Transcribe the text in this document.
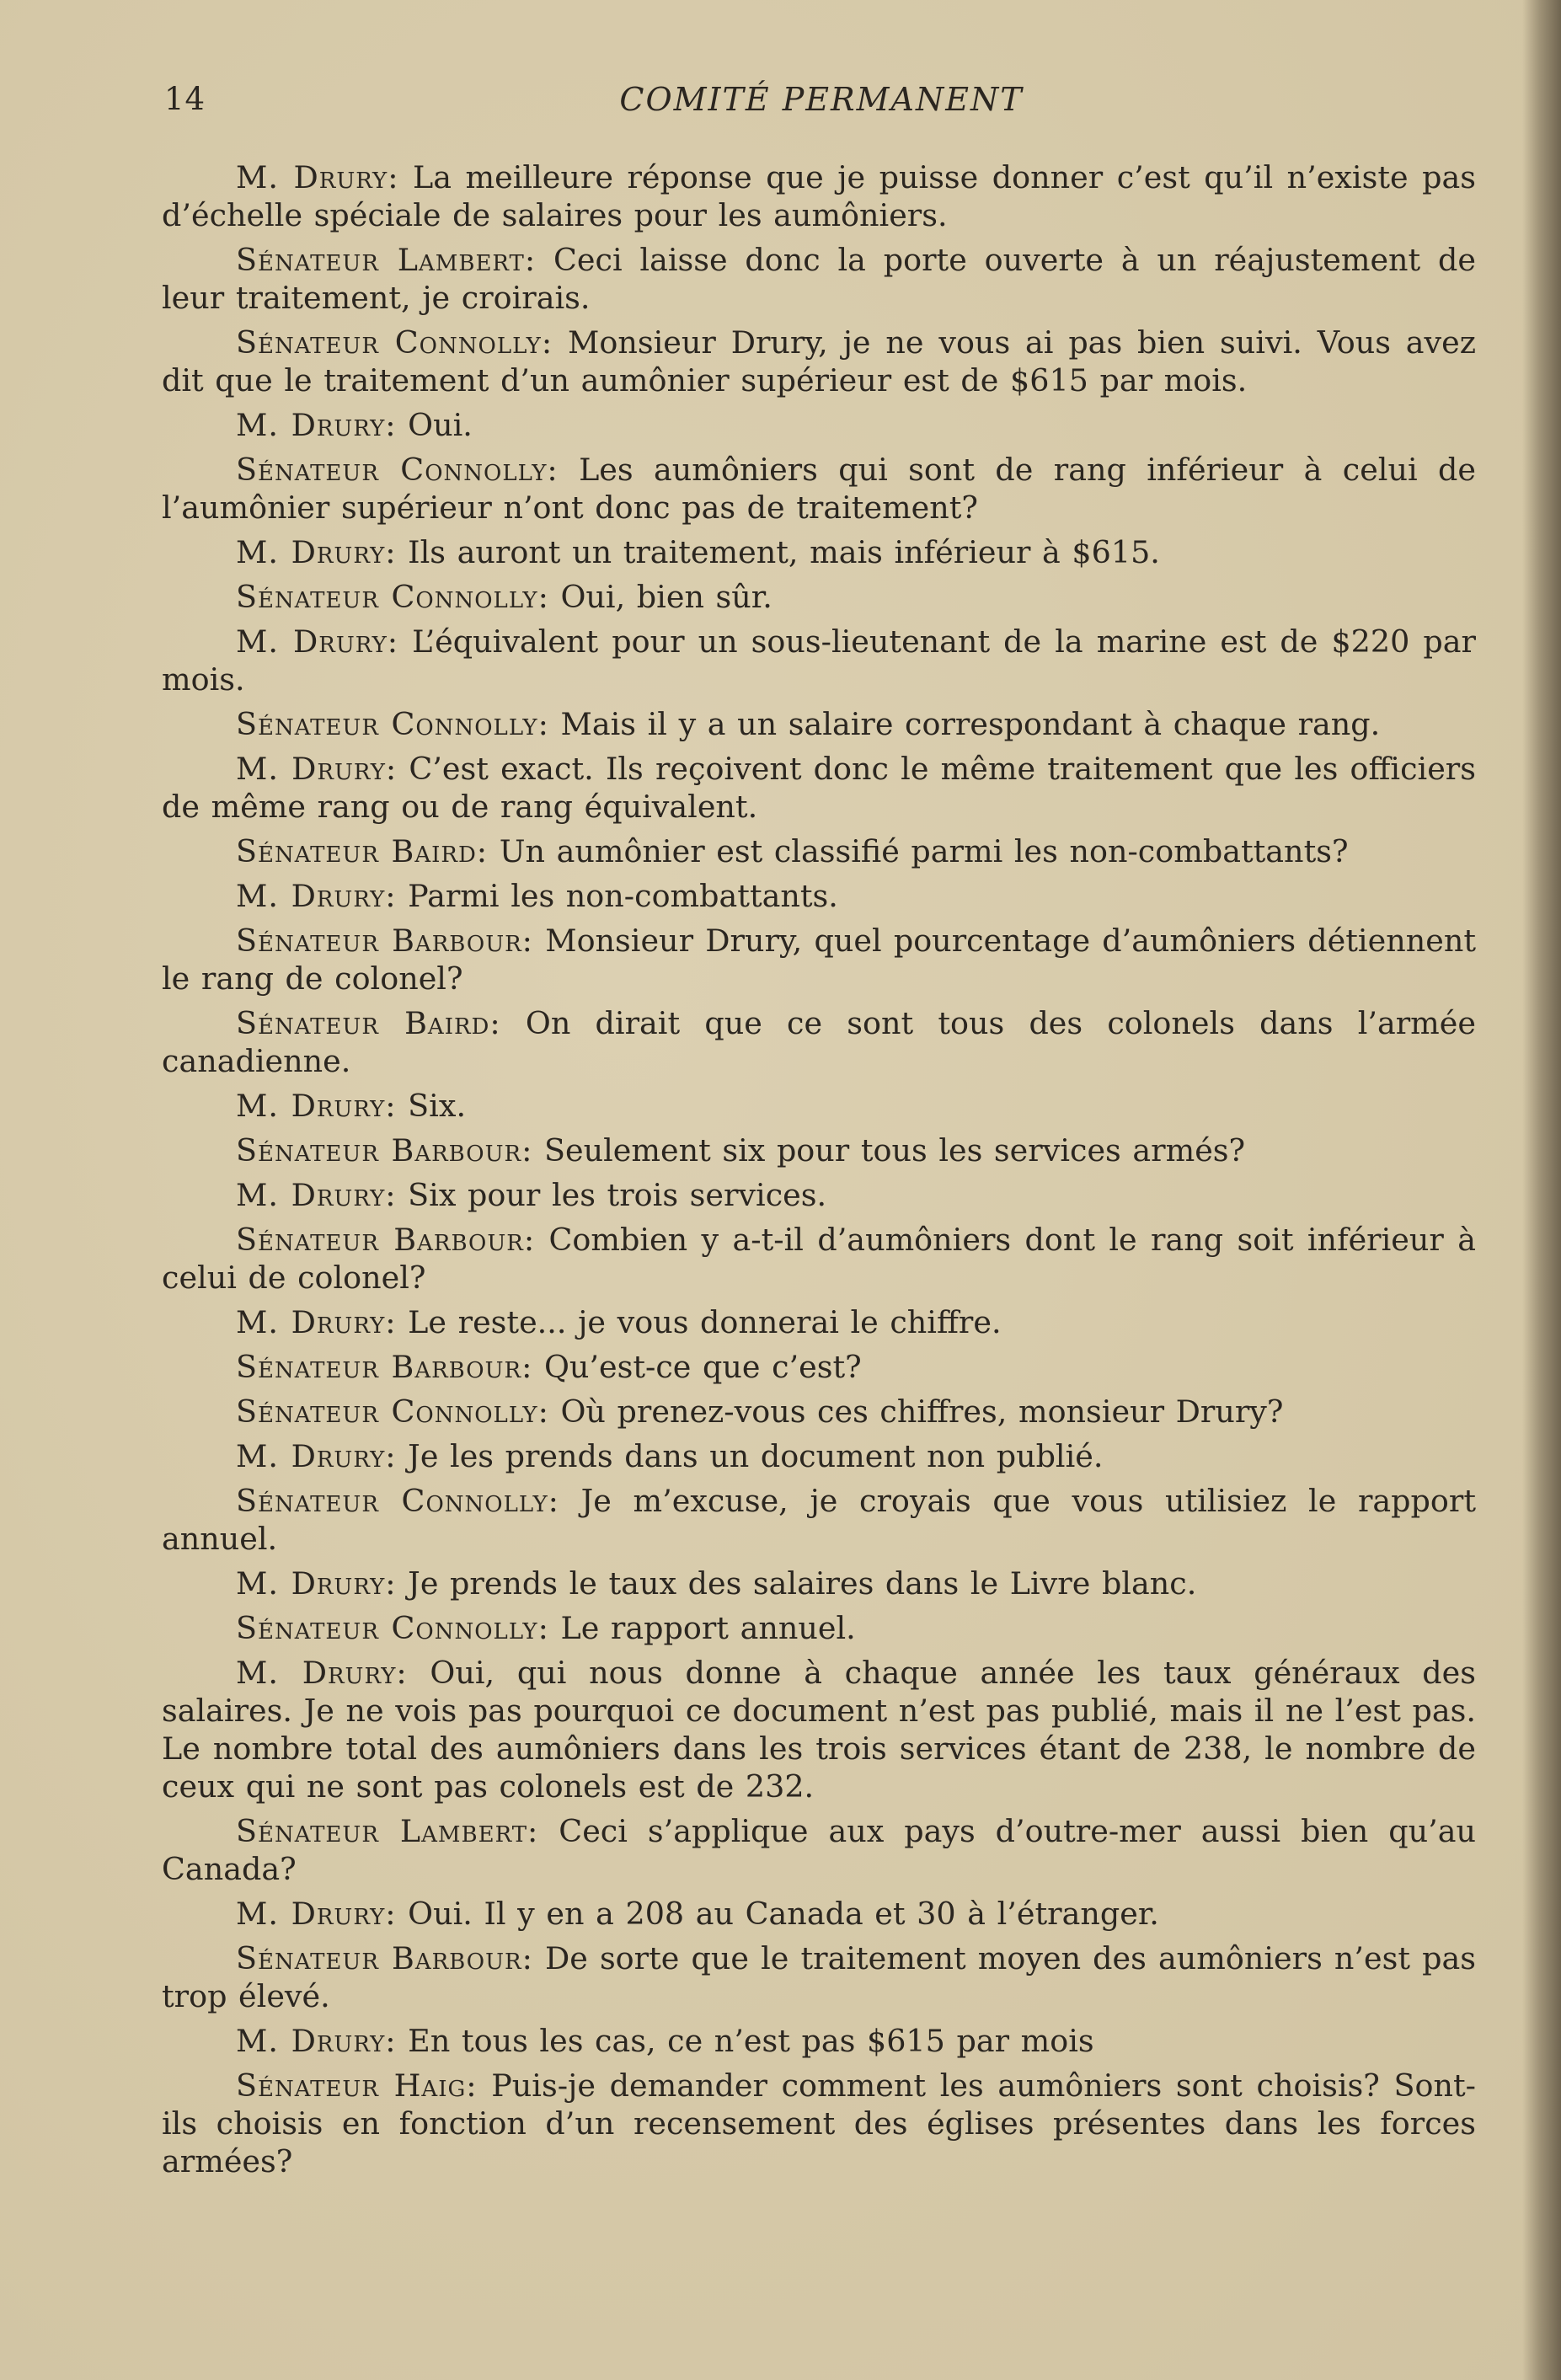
14	COMITÉ PERMANENT

M. Drury: La meilleure réponse que je puisse donner c’est qu’il n’existe pas d’échelle spéciale de salaires pour les aumôniers.

Sénateur Lambert: Ceci laisse donc la porte ouverte à un réajustement de leur traitement, je croirais.

Sénateur Connolly: Monsieur Drury, je ne vous ai pas bien suivi. Vous avez dit que le traitement d’un aumônier supérieur est de $615 par mois.

M. Drury: Oui.

Sénateur Connolly: Les aumôniers qui sont de rang inférieur à celui de l’aumônier supérieur n’ont donc pas de traitement?

M. Drury: Ils auront un traitement, mais inférieur à $615.

Sénateur Connolly: Oui, bien sûr.

M. Drury: L’équivalent pour un sous-lieutenant de la marine est de $220 par mois.

Sénateur Connolly: Mais il y a un salaire correspondant à chaque rang.

M. Drury: C’est exact. Ils reçoivent donc le même traitement que les officiers de même rang ou de rang équivalent.

Sénateur Baird: Un aumônier est classifié parmi les non-combattants?

M. Drury: Parmi les non-combattants.

Sénateur Barbour: Monsieur Drury, quel pourcentage d’aumôniers détiennent le rang de colonel?

Sénateur Baird: On dirait que ce sont tous des colonels dans l’armée canadienne.

M. Drury: Six.

Sénateur Barbour: Seulement six pour tous les services armés?

M. Drury: Six pour les trois services.

Sénateur Barbour: Combien y a-t-il d’aumôniers dont le rang soit inférieur à celui de colonel?

M. Drury: Le reste... je vous donnerai le chiffre.

Sénateur Barbour: Qu’est-ce que c’est?

Sénateur Connolly: Où prenez-vous ces chiffres, monsieur Drury?

M. Drury: Je les prends dans un document non publié.

Sénateur Connolly: Je m’excuse, je croyais que vous utilisiez le rapport annuel.

M. Drury: Je prends le taux des salaires dans le Livre blanc.

Sénateur Connolly: Le rapport annuel.

M. Drury: Oui, qui nous donne à chaque année les taux généraux des salaires. Je ne vois pas pourquoi ce document n’est pas publié, mais il ne l’est pas. Le nombre total des aumôniers dans les trois services étant de 238, le nombre de ceux qui ne sont pas colonels est de 232.

Sénateur Lambert: Ceci s’applique aux pays d’outre-mer aussi bien qu’au Canada?

M. Drury: Oui. Il y en a 208 au Canada et 30 à l’étranger.

Sénateur Barbour: De sorte que le traitement moyen des aumôniers n’est pas trop élevé.

M. Drury: En tous les cas, ce n’est pas $615 par mois

Sénateur Haig: Puis-je demander comment les aumôniers sont choisis? Sont-ils choisis en fonction d’un recensement des églises présentes dans les forces armées?
